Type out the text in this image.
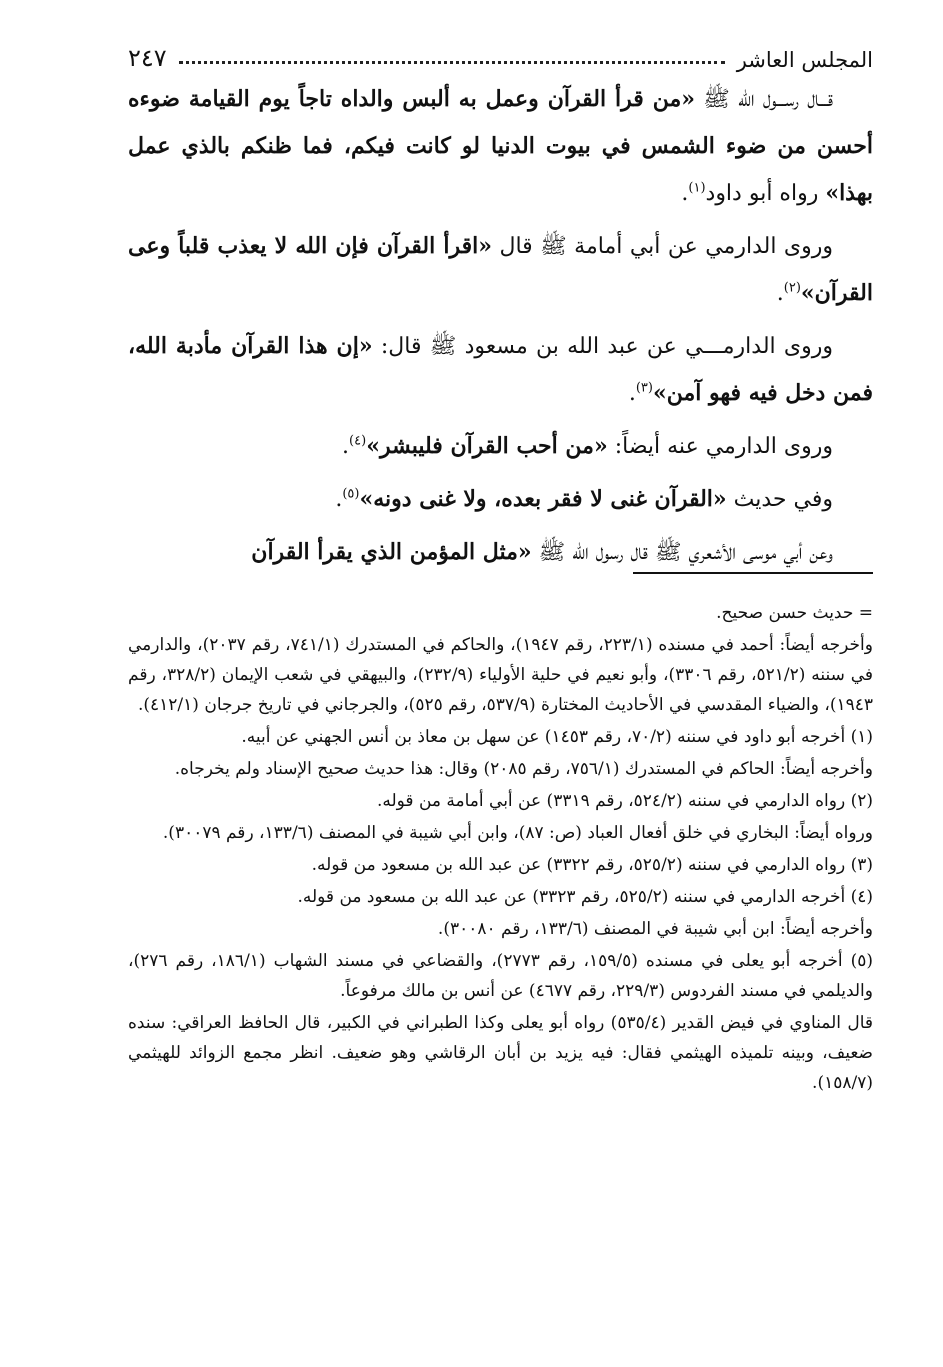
المجلس العاشر
٢٤٧

قـــال رســـول الله ﷺ «من قرأ القرآن وعمل به ألبس والداه تاجاً يوم القيامة ضوءه أحسن من ضوء الشمس في بيوت الدنيا لو كانت فيكم، فما ظنكم بالذي عمل بهذا» رواه أبو داود$^{(١)}$.

وروى الدارمي عن أبي أمامة ﷺ قال «اقرأ القرآن فإن الله لا يعذب قلباً وعى القرآن»$^{(٢)}$.

وروى الدارمـــي عن عبد الله بن مسعود ﷺ قال: «إن هذا القرآن مأدبة الله، فمن دخل فيه فهو آمن»$^{(٣)}$.

وروى الدارمي عنه أيضاً: «من أحب القرآن فليبشر»$^{(٤)}$.

وفي حديث «القرآن غنى لا فقر بعده، ولا غنى دونه»$^{(٥)}$.

وعن أبي موسى الأشعري ﷺ قال رسول الله ﷺ «مثل المؤمن الذي يقرأ القرآن

= حديث حسن صحيح.

وأخرجه أيضاً: أحمد في مسنده (٢٢٣/١، رقم ١٩٤٧)، والحاكم في المستدرك (٧٤١/١، رقم ٢٠٣٧)، والدارمي في سننه (٥٢١/٢، رقم ٣٣٠٦)، وأبو نعيم في حلية الأولياء (٢٣٢/٩)، والبيهقي في شعب الإيمان (٣٢٨/٢، رقم ١٩٤٣)، والضياء المقدسي في الأحاديث المختارة (٥٣٧/٩، رقم ٥٢٥)، والجرجاني في تاريخ جرجان (٤١٢/١).

(١) أخرجه أبو داود في سننه (٧٠/٢، رقم ١٤٥٣) عن سهل بن معاذ بن أنس الجهني عن أبيه.

وأخرجه أيضاً: الحاكم في المستدرك (٧٥٦/١، رقم ٢٠٨٥) وقال: هذا حديث صحيح الإسناد ولم يخرجاه.

(٢) رواه الدارمي في سننه (٥٢٤/٢، رقم ٣٣١٩) عن أبي أمامة من قوله.

ورواه أيضاً: البخاري في خلق أفعال العباد (ص: ٨٧)، وابن أبي شيبة في المصنف (١٣٣/٦، رقم ٣٠٠٧٩).

(٣) رواه الدارمي في سننه (٥٢٥/٢، رقم ٣٣٢٢) عن عبد الله بن مسعود من قوله.

(٤) أخرجه الدارمي في سننه (٥٢٥/٢، رقم ٣٣٢٣) عن عبد الله بن مسعود من قوله.

وأخرجه أيضاً: ابن أبي شيبة في المصنف (١٣٣/٦، رقم ٣٠٠٨٠).

(٥) أخرجه أبو يعلى في مسنده (١٥٩/٥، رقم ٢٧٧٣)، والقضاعي في مسند الشهاب (١٨٦/١، رقم ٢٧٦)، والديلمي في مسند الفردوس (٢٢٩/٣، رقم ٤٦٧٧) عن أنس بن مالك مرفوعاً.

قال المناوي في فيض القدير (٥٣٥/٤) رواه أبو يعلى وكذا الطبراني في الكبير، قال الحافظ العراقي: سنده ضعيف، وبينه تلميذه الهيثمي فقال: فيه يزيد بن أبان الرقاشي وهو ضعيف. انظر مجمع الزوائد للهيثمي (١٥٨/٧).
